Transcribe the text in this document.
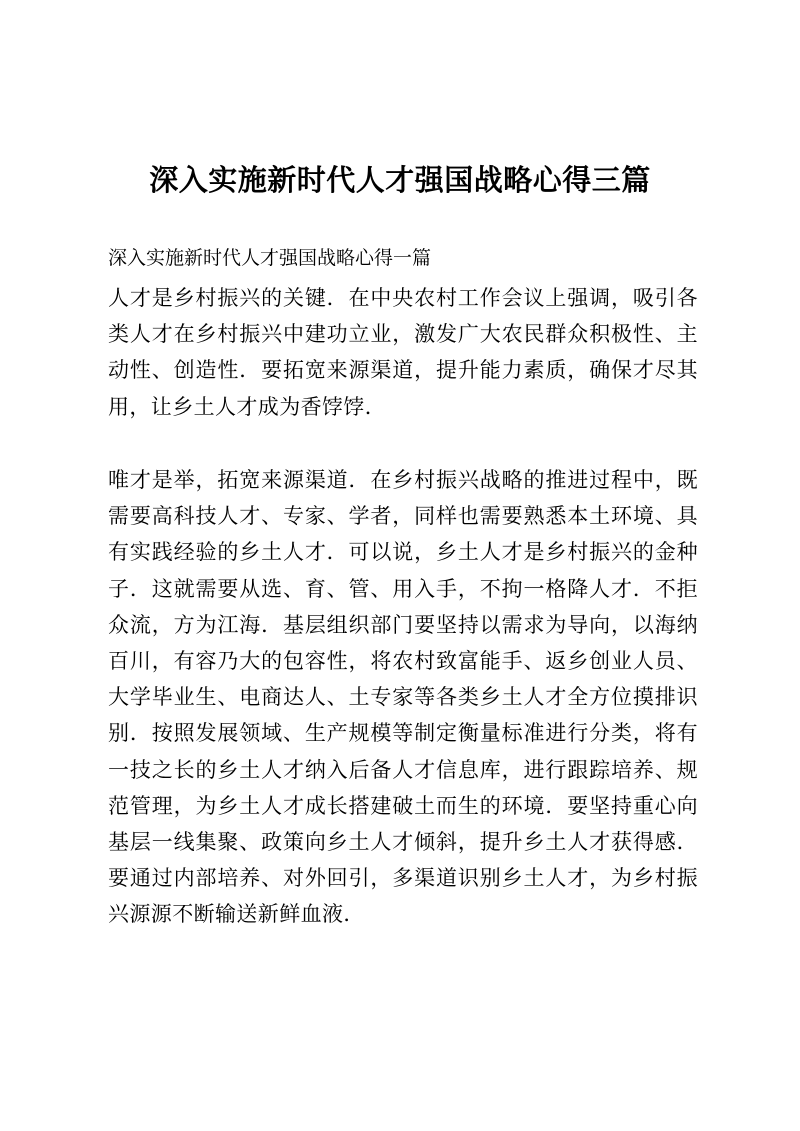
深入实施新时代人才强国战略心得三篇

深入实施新时代人才强国战略心得一篇

人才是乡村振兴的关键．在中央农村工作会议上强调，吸引各类人才在乡村振兴中建功立业，激发广大农民群众积极性、主动性、创造性．要拓宽来源渠道，提升能力素质，确保才尽其用，让乡土人才成为香饽饽．

唯才是举，拓宽来源渠道．在乡村振兴战略的推进过程中，既需要高科技人才、专家、学者，同样也需要熟悉本土环境、具有实践经验的乡土人才．可以说，乡土人才是乡村振兴的金种子．这就需要从选、育、管、用入手，不拘一格降人才．不拒众流，方为江海．基层组织部门要坚持以需求为导向，以海纳百川，有容乃大的包容性，将农村致富能手、返乡创业人员、大学毕业生、电商达人、土专家等各类乡土人才全方位摸排识别．按照发展领域、生产规模等制定衡量标准进行分类，将有一技之长的乡土人才纳入后备人才信息库，进行跟踪培养、规范管理，为乡土人才成长搭建破土而生的环境．要坚持重心向基层一线集聚、政策向乡土人才倾斜，提升乡土人才获得感．要通过内部培养、对外回引，多渠道识别乡土人才，为乡村振兴源源不断输送新鲜血液．
